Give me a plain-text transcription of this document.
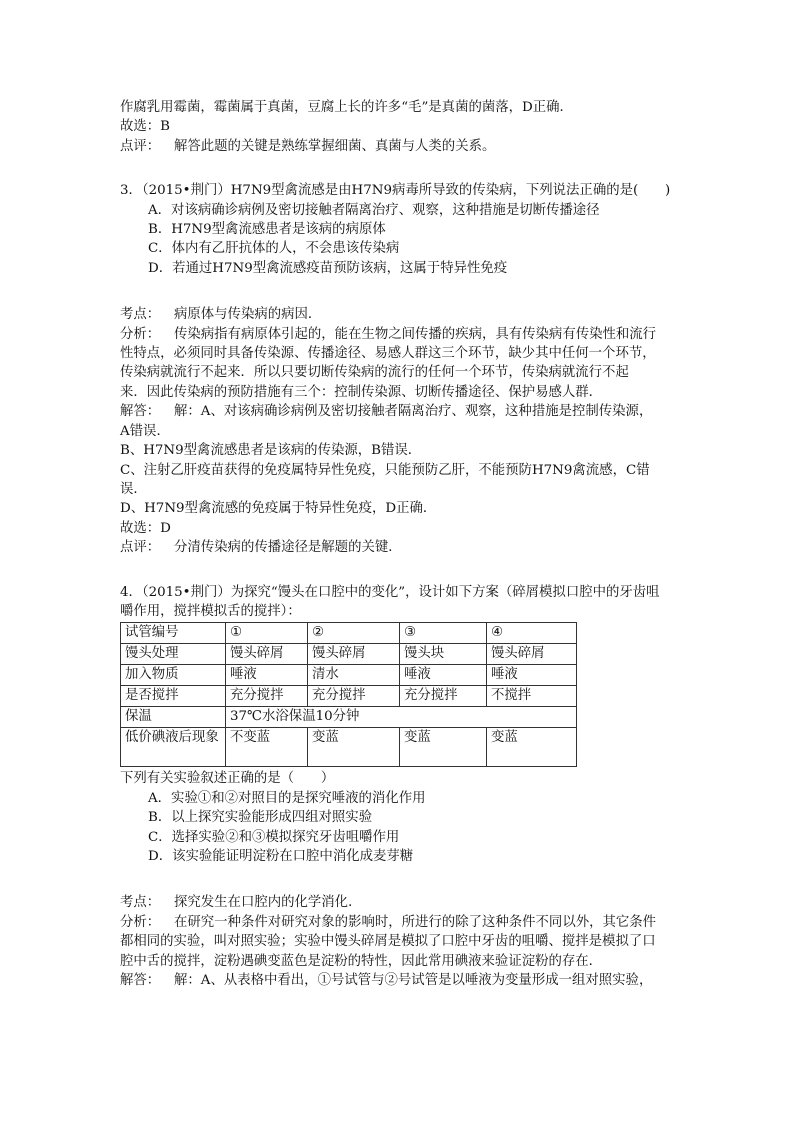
作腐乳用霉菌，霉菌属于真菌，豆腐上长的许多“毛”是真菌的菌落，D正确．

故选：B

点评： 解答此题的关键是熟练掌握细菌、真菌与人类的关系。

3．（2015•荆门）H7N9型禽流感是由H7N9病毒所导致的传染病，下列说法正确的是(　　)

A．对该病确诊病例及密切接触者隔离治疗、观察，这种措施是切断传播途径

B．H7N9型禽流感患者是该病的病原体

C．体内有乙肝抗体的人，不会患该传染病

D．若通过H7N9型禽流感疫苗预防该病，这属于特异性免疫

考点： 病原体与传染病的病因．

分析： 传染病指有病原体引起的，能在生物之间传播的疾病，具有传染病有传染性和流行

性特点，必须同时具备传染源、传播途径、易感人群这三个环节，缺少其中任何一个环节，

传染病就流行不起来．所以只要切断传染病的流行的任何一个环节，传染病就流行不起

来．因此传染病的预防措施有三个：控制传染源、切断传播途径、保护易感人群．

解答： 解：A、对该病确诊病例及密切接触者隔离治疗、观察，这种措施是控制传染源，

A错误．

B、H7N9型禽流感患者是该病的传染源，B错误．

C、注射乙肝疫苗获得的免疫属特异性免疫，只能预防乙肝，不能预防H7N9禽流感，C错

误．

D、H7N9型禽流感的免疫属于特异性免疫，D正确．

故选：D

点评： 分清传染病的传播途径是解题的关键．

4．（2015•荆门）为探究“馒头在口腔中的变化”，设计如下方案（碎屑模拟口腔中的牙齿咀

嚼作用，搅拌模拟舌的搅拌）：

试管编号	①	②	③	④
馒头处理	馒头碎屑	馒头碎屑	馒头块	馒头碎屑
加入物质	唾液	清水	唾液	唾液
是否搅拌	充分搅拌	充分搅拌	充分搅拌	不搅拌
保温	37℃水浴保温10分钟			
低价碘液后现象	不变蓝	变蓝	变蓝	变蓝

下列有关实验叙述正确的是（　　）

A．实验①和②对照目的是探究唾液的消化作用

B．以上探究实验能形成四组对照实验

C．选择实验②和③模拟探究牙齿咀嚼作用

D．该实验能证明淀粉在口腔中消化成麦芽糖

考点： 探究发生在口腔内的化学消化．

分析： 在研究一种条件对研究对象的影响时，所进行的除了这种条件不同以外，其它条件

都相同的实验，叫对照实验；实验中馒头碎屑是模拟了口腔中牙齿的咀嚼、搅拌是模拟了口

腔中舌的搅拌，淀粉遇碘变蓝色是淀粉的特性，因此常用碘液来验证淀粉的存在．

解答： 解：A、从表格中看出，①号试管与②号试管是以唾液为变量形成一组对照实验，
